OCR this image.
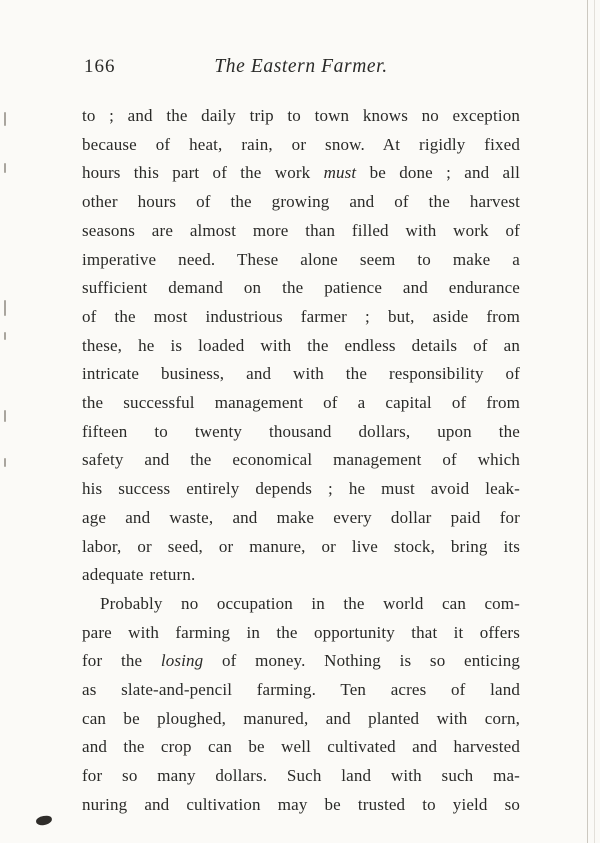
166	The Eastern Farmer.
to ; and the daily trip to town knows no exception
because of heat, rain, or snow. At rigidly fixed
hours this part of the work must be done ; and all
other hours of the growing and of the harvest
seasons are almost more than filled with work of
imperative need. These alone seem to make a
sufficient demand on the patience and endurance
of the most industrious farmer ; but, aside from
these, he is loaded with the endless details of an
intricate business, and with the responsibility of
the successful management of a capital of from
fifteen to twenty thousand dollars, upon the
safety and the economical management of which
his success entirely depends ; he must avoid leak-
age and waste, and make every dollar paid for
labor, or seed, or manure, or live stock, bring its
adequate return.
Probably no occupation in the world can com-
pare with farming in the opportunity that it offers
for the losing of money. Nothing is so enticing
as slate-and-pencil farming. Ten acres of land
can be ploughed, manured, and planted with corn,
and the crop can be well cultivated and harvested
for so many dollars. Such land with such ma-
nuring and cultivation may be trusted to yield so
